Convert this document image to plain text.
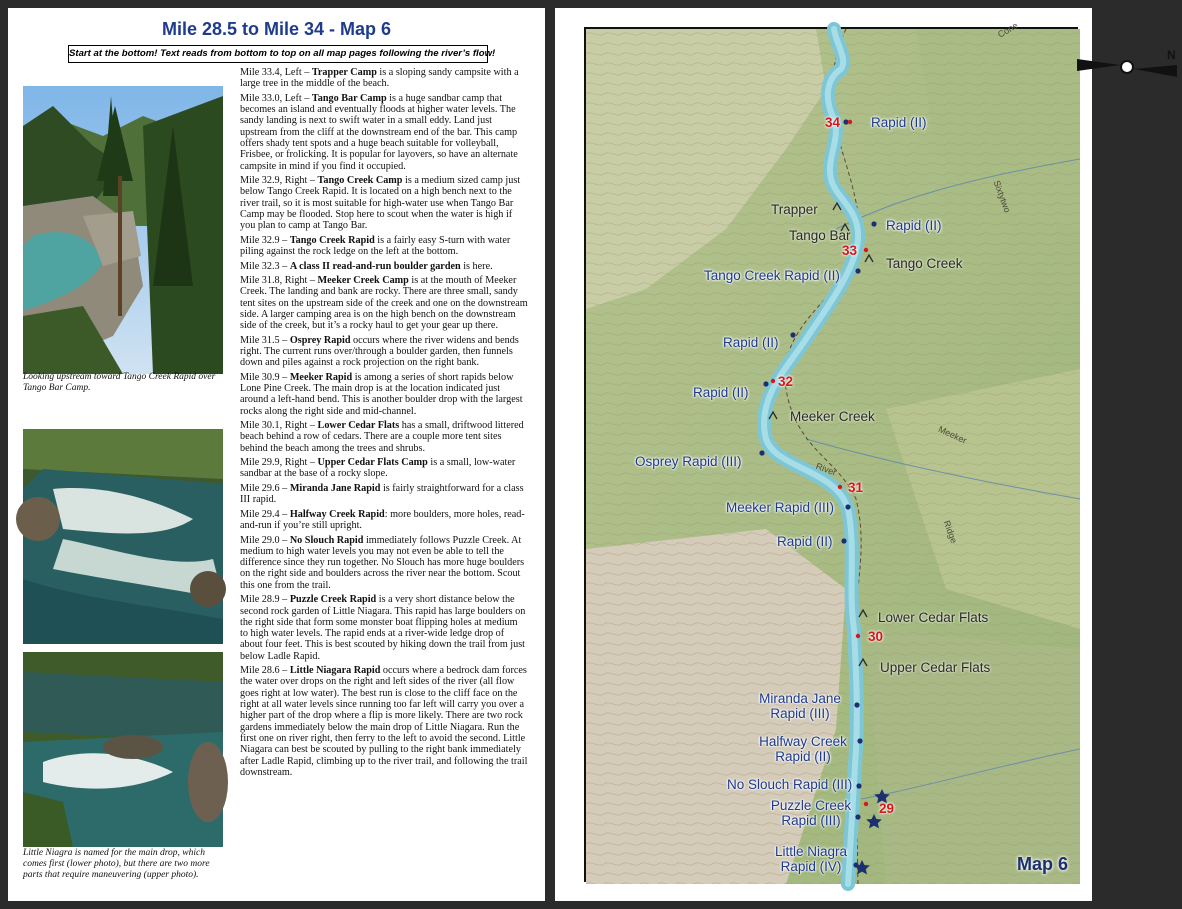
Mile 28.5 to Mile 34 - Map 6
Start at the bottom! Text reads from bottom to top on all map pages following the river’s flow!
Looking upstream toward Tango Creek Rapid over Tango Bar Camp.
Little Niagra is named for the main drop, which comes first (lower photo), but there are two more parts that require maneuvering (upper photo).

Mile 33.4, Left – Trapper Camp is a sloping sandy campsite with a large tree in the middle of the beach.

Mile 33.0, Left – Tango Bar Camp is a huge sandbar camp that becomes an island and eventually floods at higher water levels. The sandy landing is next to swift water in a small eddy. Land just upstream from the cliff at the downstream end of the bar. This camp offers shady tent spots and a huge beach suitable for volleyball, Frisbee, or frolicking. It is popular for layovers, so have an alternate campsite in mind if you find it occupied.

Mile 32.9, Right – Tango Creek Camp is a medium sized camp just below Tango Creek Rapid. It is located on a high bench next to the river trail, so it is most suitable for high-water use when Tango Bar Camp may be flooded. Stop here to scout when the water is high if you plan to camp at Tango Bar.

Mile 32.9 – Tango Creek Rapid is a fairly easy S-turn with water piling against the rock ledge on the left at the bottom.

Mile 32.3 – A class II read-and-run boulder garden is here.

Mile 31.8, Right – Meeker Creek Camp is at the mouth of Meeker Creek. The landing and bank are rocky. There are three small, sandy tent sites on the upstream side of the creek and one on the downstream side. A larger camping area is on the high bench on the downstream side of the creek, but it’s a rocky haul to get your gear up there.

Mile 31.5 – Osprey Rapid occurs where the river widens and bends right. The current runs over/through a boulder garden, then funnels down and piles against a rock projection on the right bank.

Mile 30.9 – Meeker Rapid is among a series of short rapids below Lone Pine Creek. The main drop is at the location indicated just around a left-hand bend. This is another boulder drop with the largest rocks along the right side and mid-channel.

Mile 30.1, Right – Lower Cedar Flats has a small, driftwood littered beach behind a row of cedars. There are a couple more tent sites behind the beach among the trees and shrubs.

Mile 29.9, Right – Upper Cedar Flats Camp is a small, low-water sandbar at the base of a rocky slope.

Mile 29.6 – Miranda Jane Rapid is fairly straightforward for a class III rapid.

Mile 29.4 – Halfway Creek Rapid: more boulders, more holes, read-and-run if you’re still upright.

Mile 29.0 – No Slouch Rapid immediately follows Puzzle Creek. At medium to high water levels you may not even be able to tell the difference since they run together. No Slouch has more huge boulders on the right side and boulders across the river near the bottom. Scout this one from the trail.

Mile 28.9 – Puzzle Creek Rapid is a very short distance below the second rock garden of Little Niagara. This rapid has large boulders on the right side that form some monster boat flipping holes at medium to high water levels. The rapid ends at a river-wide ledge drop of about four feet. This is best scouted by hiking down the trail from just below Ladle Rapid.

Mile 28.6 – Little Niagara Rapid occurs where a bedrock dam forces the water over drops on the right and left sides of the river (all flow goes right at low water). The best run is close to the cliff face on the right at all water levels since running too far left will carry you over a higher part of the drop where a flip is more likely. There are two rock gardens immediately below the main drop of Little Niagara. Run the first one on river right, then ferry to the left to avoid the second. Little Niagara can best be scouted by pulling to the right bank immediately after Ladle Rapid, climbing up to the river trail, and following the trail downstream.

N
Cone
Sixtytwo
Meeker
Ridge
River
Rapid (II)
Trapper
Rapid (II)
Tango Bar
Tango Creek
Tango Creek Rapid (II)
Rapid (II)
Rapid (II)
Meeker Creek
Osprey Rapid (III)
Meeker Rapid (III)
Rapid (II)
Lower Cedar Flats
Upper Cedar Flats
Miranda Jane
Rapid (III)
Halfway Creek
Rapid (II)
No Slouch Rapid (III)
Puzzle Creek
Rapid (III)
Little Niagra
Rapid (IV)
34
33
32
31
30
29
Map 6
